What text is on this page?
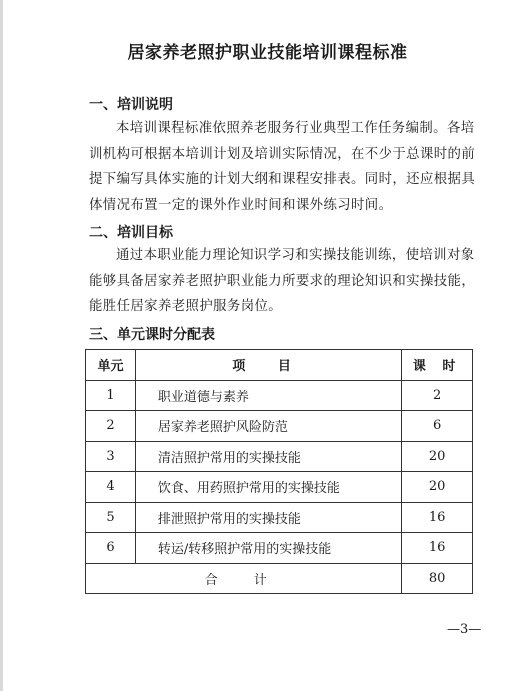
居家养老照护职业技能培训课程标准
一、培训说明
本培训课程标准依照养老服务行业典型工作任务编制。各培
训机构可根据本培训计划及培训实际情况，在不少于总课时的前
提下编写具体实施的计划大纲和课程安排表。同时，还应根据具
体情况布置一定的课外作业时间和课外练习时间。
二、培训目标
通过本职业能力理论知识学习和实操技能训练，使培训对象
能够具备居家养老照护职业能力所要求的理论知识和实操技能，
能胜任居家养老照护服务岗位。
三、单元课时分配表
单元	项 目	课 时
1	职业道德与素养	2
2	居家养老照护风险防范	6
3	清洁照护常用的实操技能	20
4	饮食、用药照护常用的实操技能	20
5	排泄照护常用的实操技能	16
6	转运/转移照护常用的实操技能	16
合 计		80
—3—
